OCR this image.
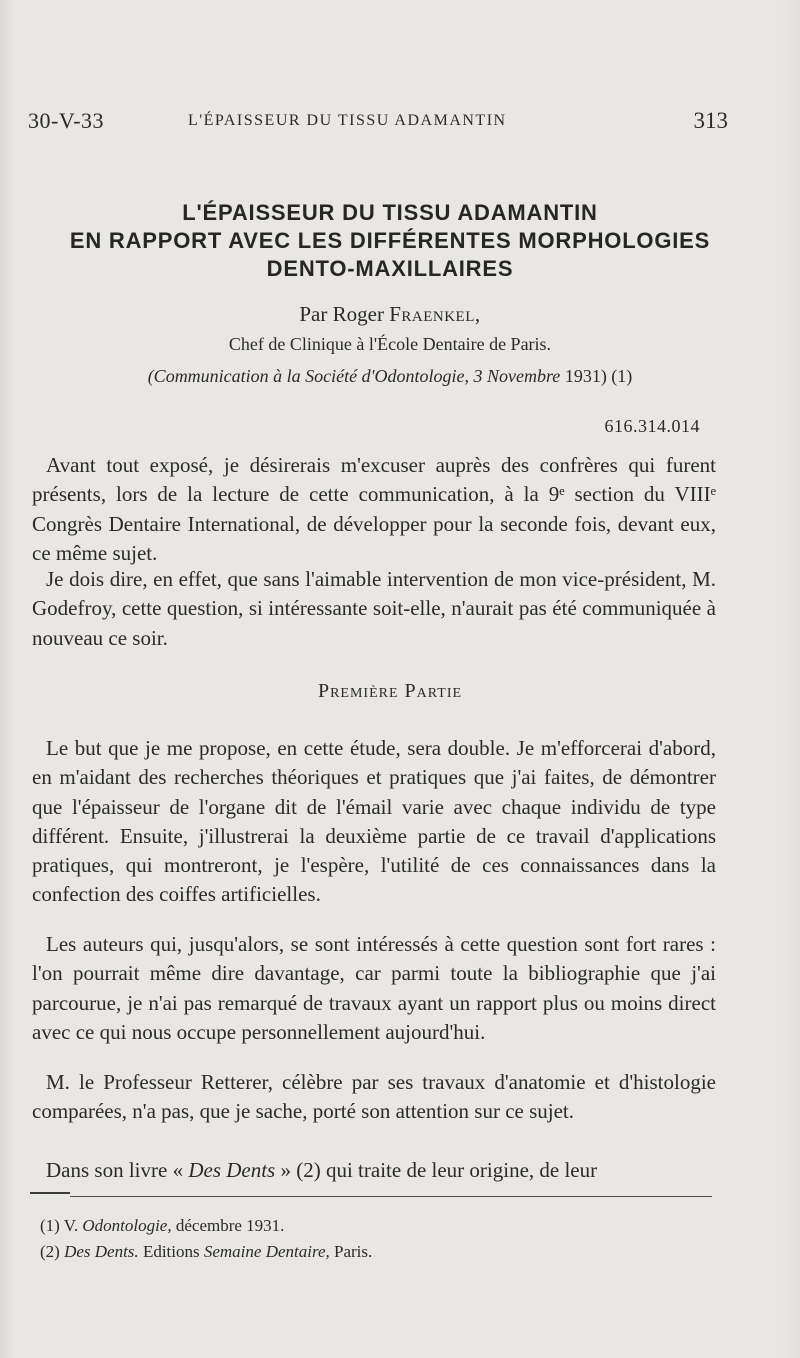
30-V-33	L'ÉPAISSEUR DU TISSU ADAMANTIN	313
L'ÉPAISSEUR DU TISSU ADAMANTIN
EN RAPPORT AVEC LES DIFFÉRENTES MORPHOLOGIES
DENTO-MAXILLAIRES
Par Roger Fraenkel,
Chef de Clinique à l'École Dentaire de Paris.
(Communication à la Société d'Odontologie, 3 Novembre 1931) (1)
616.314.014
Avant tout exposé, je désirerais m'excuser auprès des confrères qui furent présents, lors de la lecture de cette communication, à la 9ᵉ section du VIIIᵉ Congrès Dentaire International, de développer pour la seconde fois, devant eux, ce même sujet.
Je dois dire, en effet, que sans l'aimable intervention de mon vice-président, M. Godefroy, cette question, si intéressante soit-elle, n'aurait pas été communiquée à nouveau ce soir.
Première Partie
Le but que je me propose, en cette étude, sera double. Je m'efforcerai d'abord, en m'aidant des recherches théoriques et pratiques que j'ai faites, de démontrer que l'épaisseur de l'organe dit de l'émail varie avec chaque individu de type différent. Ensuite, j'illustrerai la deuxième partie de ce travail d'applications pratiques, qui montreront, je l'espère, l'utilité de ces connaissances dans la confection des coiffes artificielles.
Les auteurs qui, jusqu'alors, se sont intéressés à cette question sont fort rares : l'on pourrait même dire davantage, car parmi toute la bibliographie que j'ai parcourue, je n'ai pas remarqué de travaux ayant un rapport plus ou moins direct avec ce qui nous occupe personnellement aujourd'hui.
M. le Professeur Retterer, célèbre par ses travaux d'anatomie et d'histologie comparées, n'a pas, que je sache, porté son attention sur ce sujet.
Dans son livre « Des Dents » (2) qui traite de leur origine, de leur
(1) V. Odontologie, décembre 1931.
(2) Des Dents. Editions Semaine Dentaire, Paris.
